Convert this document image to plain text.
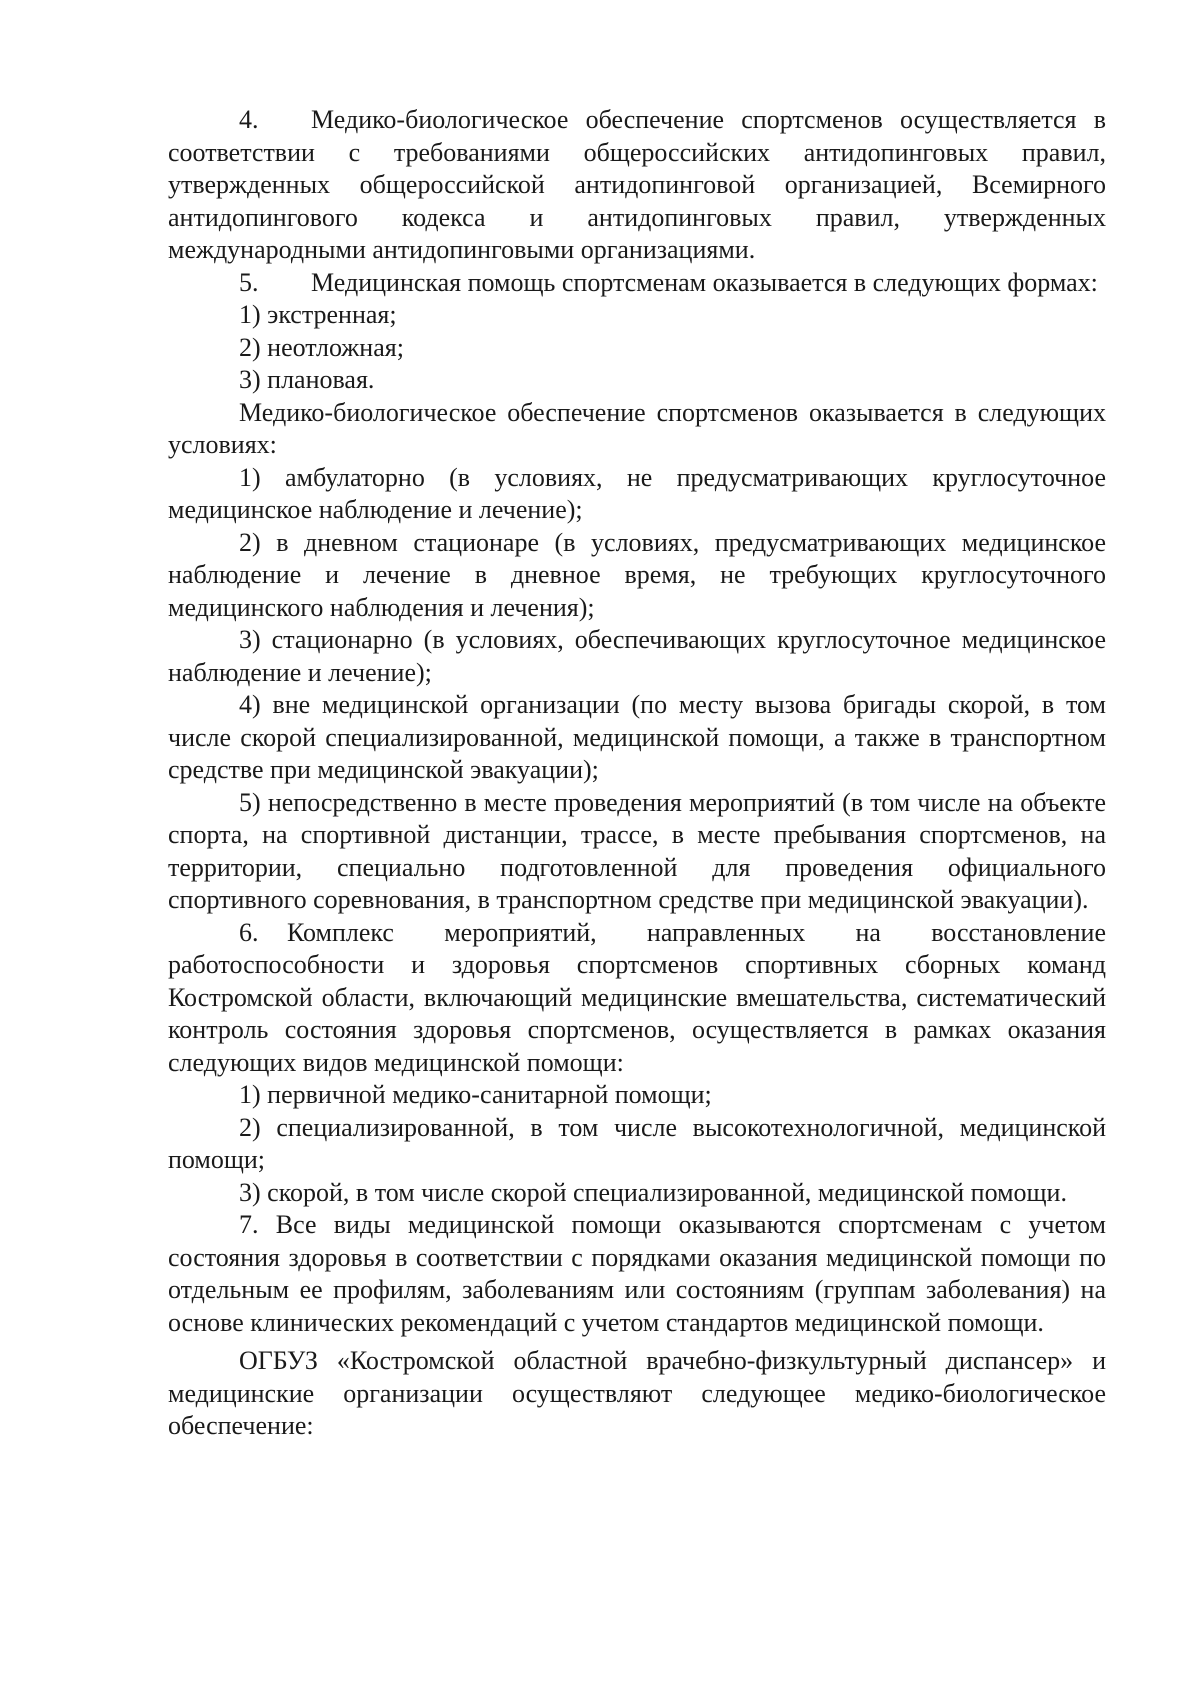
4. Медико-биологическое обеспечение спортсменов осуществляется в соответствии с требованиями общероссийских антидопинговых правил, утвержденных общероссийской антидопинговой организацией, Всемирного антидопингового кодекса и антидопинговых правил, утвержденных международными антидопинговыми организациями.

5. Медицинская помощь спортсменам оказывается в следующих формах:

1) экстренная;

2) неотложная;

3) плановая.

Медико-биологическое обеспечение спортсменов оказывается в следующих условиях:

1) амбулаторно (в условиях, не предусматривающих круглосуточное медицинское наблюдение и лечение);

2) в дневном стационаре (в условиях, предусматривающих медицинское наблюдение и лечение в дневное время, не требующих круглосуточного медицинского наблюдения и лечения);

3) стационарно (в условиях, обеспечивающих круглосуточное медицинское наблюдение и лечение);

4) вне медицинской организации (по месту вызова бригады скорой, в том числе скорой специализированной, медицинской помощи, а также в транспортном средстве при медицинской эвакуации);

5) непосредственно в месте проведения мероприятий (в том числе на объекте спорта, на спортивной дистанции, трассе, в месте пребывания спортсменов, на территории, специально подготовленной для проведения официального спортивного соревнования, в транспортном средстве при медицинской эвакуации).

6. Комплекс мероприятий, направленных на восстановление работоспособности и здоровья спортсменов спортивных сборных команд Костромской области, включающий медицинские вмешательства, систематический контроль состояния здоровья спортсменов, осуществляется в рамках оказания следующих видов медицинской помощи:

1) первичной медико-санитарной помощи;

2) специализированной, в том числе высокотехнологичной, медицинской помощи;

3) скорой, в том числе скорой специализированной, медицинской помощи.

7. Все виды медицинской помощи оказываются спортсменам с учетом состояния здоровья в соответствии с порядками оказания медицинской помощи по отдельным ее профилям, заболеваниям или состояниям (группам заболевания) на основе клинических рекомендаций с учетом стандартов медицинской помощи.

ОГБУЗ «Костромской областной врачебно-физкультурный диспансер» и медицинские организации осуществляют следующее медико-биологическое обеспечение:
